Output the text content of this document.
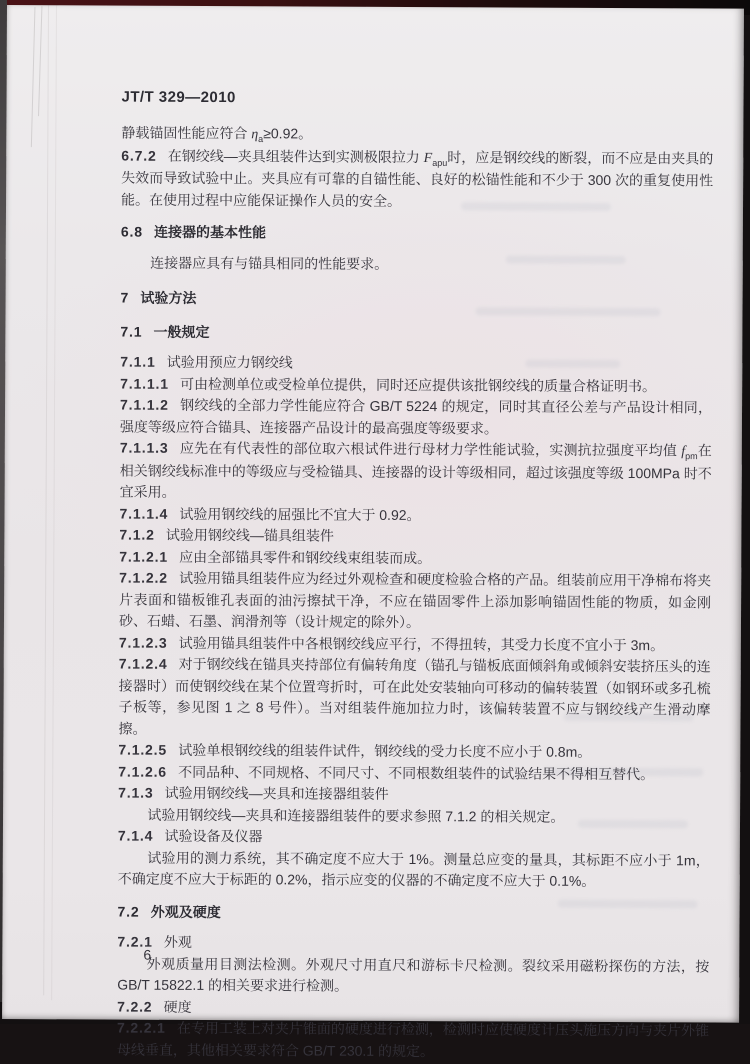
JT/T 329—2010

静载锚固性能应符合 $\eta_a\ge 0.92$。

6.7.2 在钢绞线—夹具组装件达到实测极限拉力 $F_{apu}$时，应是钢绞线的断裂，而不应是由夹具的失效而导致试验中止。夹具应有可靠的自锚性能、良好的松锚性能和不少于 300 次的重复使用性能。在使用过程中应能保证操作人员的安全。

6.8 连接器的基本性能

连接器应具有与锚具相同的性能要求。

7 试验方法

7.1 一般规定

7.1.1 试验用预应力钢绞线

7.1.1.1 可由检测单位或受检单位提供，同时还应提供该批钢绞线的质量合格证明书。

7.1.1.2 钢绞线的全部力学性能应符合 GB/T 5224 的规定，同时其直径公差与产品设计相同，强度等级应符合锚具、连接器产品设计的最高强度等级要求。

7.1.1.3 应先在有代表性的部位取六根试件进行母材力学性能试验，实测抗拉强度平均值 $f_{pm}$在相关钢绞线标准中的等级应与受检锚具、连接器的设计等级相同，超过该强度等级 100MPa 时不宜采用。

7.1.1.4 试验用钢绞线的屈强比不宜大于 0.92。

7.1.2 试验用钢绞线—锚具组装件

7.1.2.1 应由全部锚具零件和钢绞线束组装而成。

7.1.2.2 试验用锚具组装件应为经过外观检查和硬度检验合格的产品。组装前应用干净棉布将夹片表面和锚板锥孔表面的油污擦拭干净，不应在锚固零件上添加影响锚固性能的物质，如金刚砂、石蜡、石墨、润滑剂等（设计规定的除外）。

7.1.2.3 试验用锚具组装件中各根钢绞线应平行，不得扭转，其受力长度不宜小于 3m。

7.1.2.4 对于钢绞线在锚具夹持部位有偏转角度（锚孔与锚板底面倾斜角或倾斜安装挤压头的连接器时）而使钢绞线在某个位置弯折时，可在此处安装轴向可移动的偏转装置（如钢环或多孔梳子板等，参见图 1 之 8 号件）。当对组装件施加拉力时，该偏转装置不应与钢绞线产生滑动摩擦。

7.1.2.5 试验单根钢绞线的组装件试件，钢绞线的受力长度不应小于 0.8m。

7.1.2.6 不同品种、不同规格、不同尺寸、不同根数组装件的试验结果不得相互替代。

7.1.3 试验用钢绞线—夹具和连接器组装件

试验用钢绞线—夹具和连接器组装件的要求参照 7.1.2 的相关规定。

7.1.4 试验设备及仪器

试验用的测力系统，其不确定度不应大于 1%。测量总应变的量具，其标距不应小于 1m，不确定度不应大于标距的 0.2%，指示应变的仪器的不确定度不应大于 0.1%。

7.2 外观及硬度

7.2.1 外观

外观质量用目测法检测。外观尺寸用直尺和游标卡尺检测。裂纹采用磁粉探伤的方法，按 GB/T 15822.1 的相关要求进行检测。

7.2.2 硬度

7.2.2.1 在专用工装上对夹片锥面的硬度进行检测，检测时应使硬度计压头施压方向与夹片外锥母线垂直，其他相关要求符合 GB/T 230.1 的规定。

6
